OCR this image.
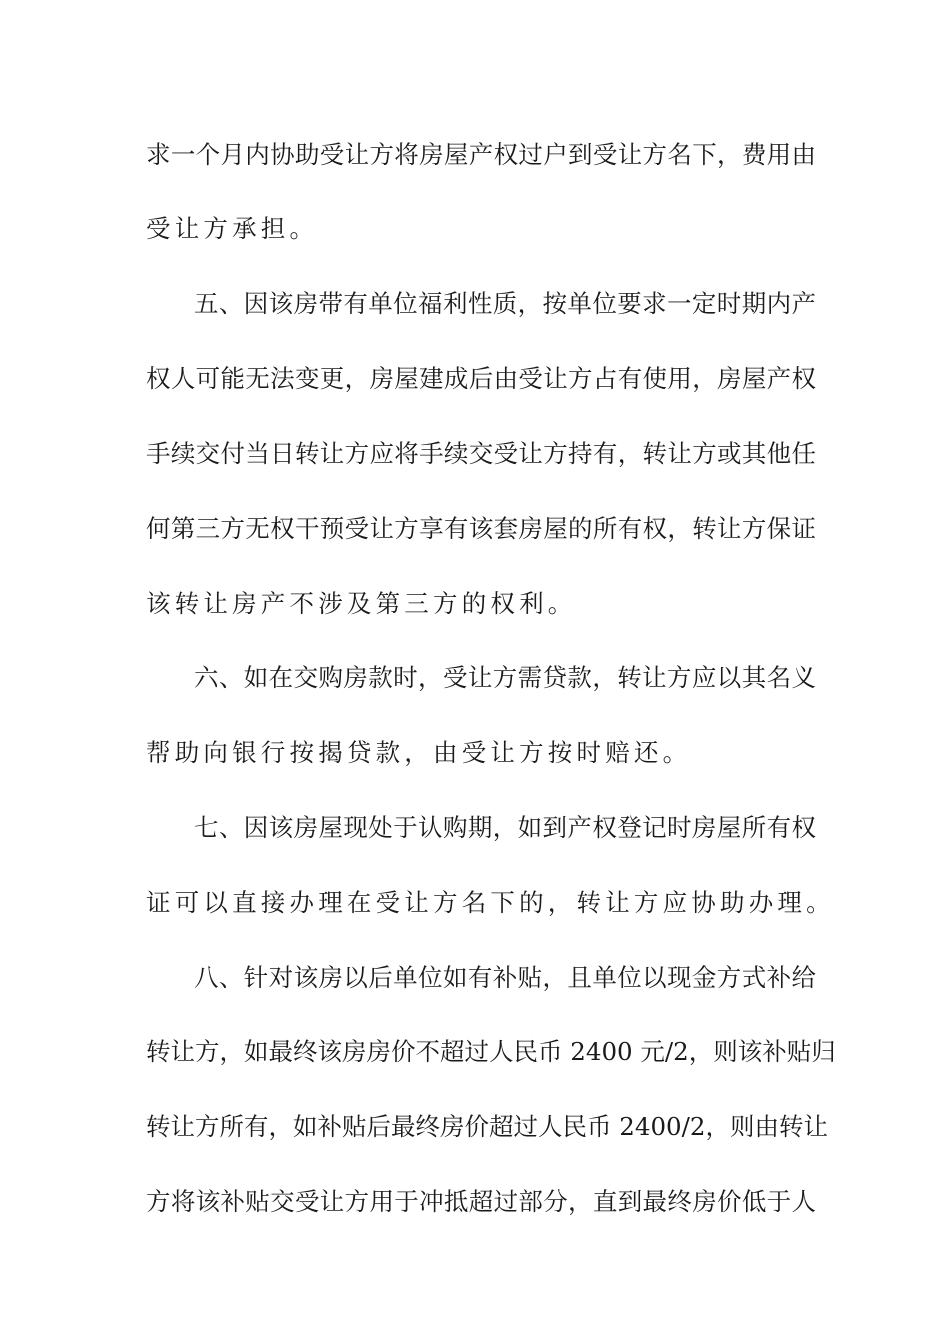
求一个月内协助受让方将房屋产权过户到受让方名下，费用由
受让方承担。
五、因该房带有单位福利性质，按单位要求一定时期内产
权人可能无法变更，房屋建成后由受让方占有使用，房屋产权
手续交付当日转让方应将手续交受让方持有，转让方或其他任
何第三方无权干预受让方享有该套房屋的所有权，转让方保证
该转让房产不涉及第三方的权利。
六、如在交购房款时，受让方需贷款，转让方应以其名义
帮助向银行按揭贷款，由受让方按时赔还。
七、因该房屋现处于认购期，如到产权登记时房屋所有权
证可以直接办理在受让方名下的，转让方应协助办理。
八、针对该房以后单位如有补贴，且单位以现金方式补给
转让方，如最终该房房价不超过人民币 2400 元/2，则该补贴归
转让方所有，如补贴后最终房价超过人民币 2400/2，则由转让
方将该补贴交受让方用于冲抵超过部分，直到最终房价低于人
